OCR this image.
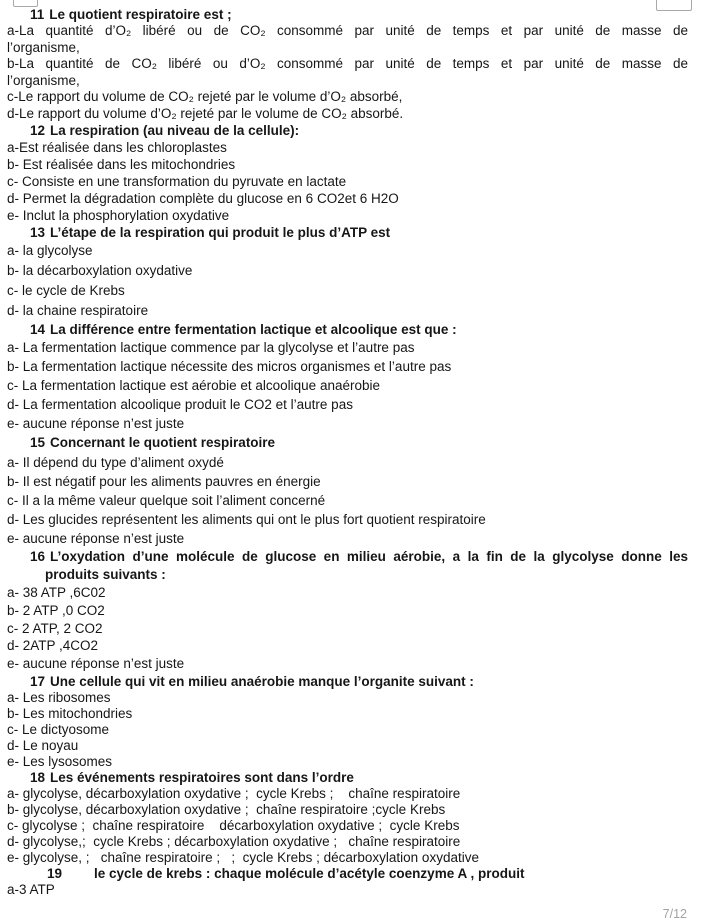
11 Le quotient respiratoire est ;
a-La quantité d’O₂ libéré ou de CO₂ consommé par unité de temps et par unité de masse de
l’organisme,
b-La quantité de CO₂ libéré ou d’O₂ consommé par unité de temps et par unité de masse de
l’organisme,
c-Le rapport du volume de CO₂ rejeté par le volume d’O₂ absorbé,
d-Le rapport du volume d’O₂ rejeté par le volume de CO₂ absorbé.
12 La respiration (au niveau de la cellule):
a-Est réalisée dans les chloroplastes
b- Est réalisée dans les mitochondries
c- Consiste en une transformation du pyruvate en lactate
d- Permet la dégradation complète du glucose en 6 CO2et 6 H2O
e- Inclut la phosphorylation oxydative
13 L’étape de la respiration qui produit le plus d’ATP est
a- la glycolyse
b- la décarboxylation oxydative
c- le cycle de Krebs
d- la chaine respiratoire
14 La différence entre fermentation lactique et alcoolique est que :
a- La fermentation lactique commence par la glycolyse et l’autre pas
b- La fermentation lactique nécessite des micros organismes et l’autre pas
c- La fermentation lactique est aérobie et alcoolique anaérobie
d- La fermentation alcoolique produit le CO2 et l’autre pas
e- aucune réponse n’est juste
15 Concernant le quotient respiratoire
a- Il dépend du type d’aliment oxydé
b- Il est négatif pour les aliments pauvres en énergie
c- Il a la même valeur quelque soit l’aliment concerné
d- Les glucides représentent les aliments qui ont le plus fort quotient respiratoire
e- aucune réponse n’est juste
16 L’oxydation d’une molécule de glucose en milieu aérobie, a la fin de la glycolyse donne les
produits suivants :
a- 38 ATP ,6C02
b- 2 ATP ,0 CO2
c- 2 ATP, 2 CO2
d- 2ATP ,4CO2
e- aucune réponse n’est juste
17 Une cellule qui vit en milieu anaérobie manque l’organite suivant :
a- Les ribosomes
b- Les mitochondries
c- Le dictyosome
d- Le noyau
e- Les lysosomes
18 Les événements respiratoires sont dans l’ordre
a- glycolyse, décarboxylation oxydative ;  cycle Krebs ;    chaîne respiratoire
b- glycolyse, décarboxylation oxydative ;  chaîne respiratoire ;cycle Krebs
c- glycolyse ;  chaîne respiratoire    décarboxylation oxydative ;  cycle Krebs
d- glycolyse,;  cycle Krebs ; décarboxylation oxydative ;   chaîne respiratoire
e- glycolyse, ;   chaîne respiratoire ;   ;  cycle Krebs ; décarboxylation oxydative
19 le cycle de krebs : chaque molécule d’acétyle coenzyme A , produit
a-3 ATP
7/12
